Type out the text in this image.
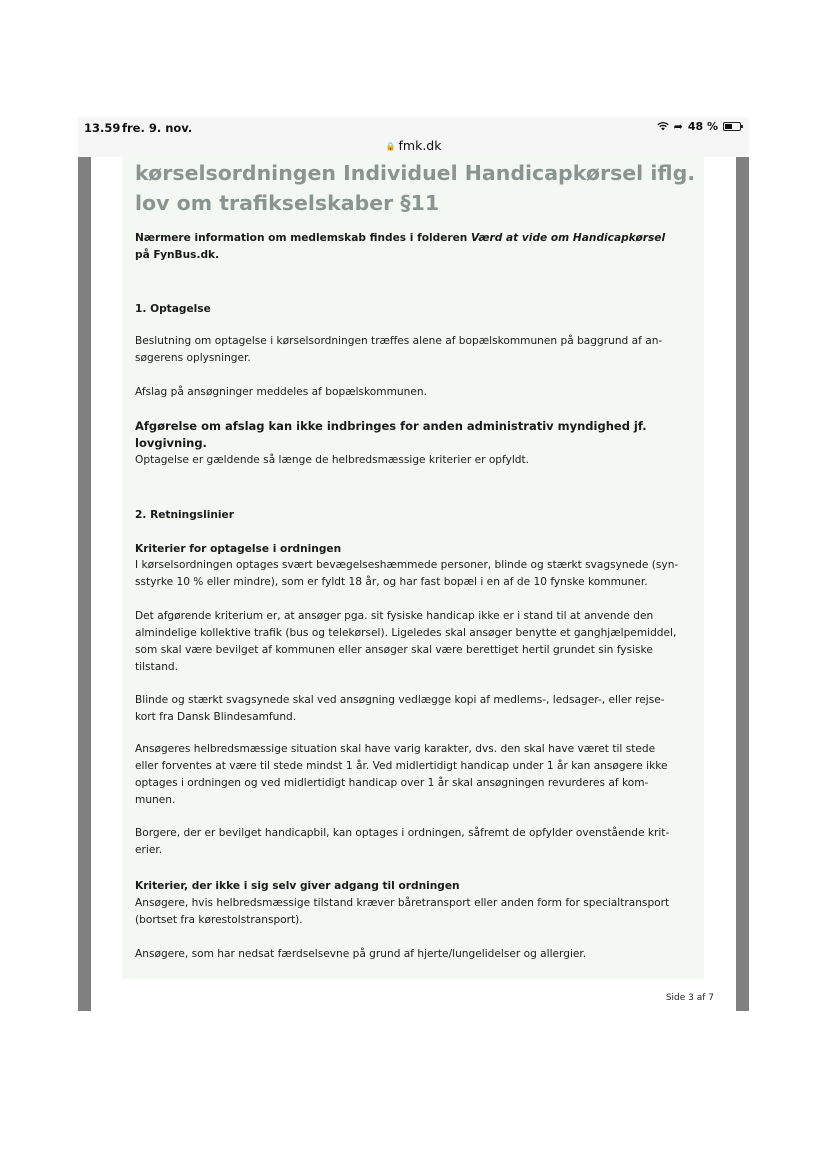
13.59 fre. 9. nov.
🔒 fmk.dk
➦ 48 %
kørselsordningen Individuel Handicapkørsel iflg.
lov om trafikselskaber §11

Nærmere information om medlemskab findes i folderen Værd at vide om Handicapkørsel
på FynBus.dk.

1. Optagelse

Beslutning om optagelse i kørselsordningen træffes alene af bopælskommunen på baggrund af an-
søgerens oplysninger.

Afslag på ansøgninger meddeles af bopælskommunen.

Afgørelse om afslag kan ikke indbringes for anden administrativ myndighed jf. lovgivning.

Optagelse er gældende så længe de helbredsmæssige kriterier er opfyldt.

2. Retningslinier

Kriterier for optagelse i ordningen

I kørselsordningen optages svært bevægelseshæmmede personer, blinde og stærkt svagsynede (syn-
sstyrke 10 % eller mindre), som er fyldt 18 år, og har fast bopæl i en af de 10 fynske kommuner.

Det afgørende kriterium er, at ansøger pga. sit fysiske handicap ikke er i stand til at anvende den
almindelige kollektive trafik (bus og telekørsel). Ligeledes skal ansøger benytte et ganghjælpemiddel,
som skal være bevilget af kommunen eller ansøger skal være berettiget hertil grundet sin fysiske
tilstand.

Blinde og stærkt svagsynede skal ved ansøgning vedlægge kopi af medlems-, ledsager-, eller rejse-
kort fra Dansk Blindesamfund.

Ansøgeres helbredsmæssige situation skal have varig karakter, dvs. den skal have været til stede
eller forventes at være til stede mindst 1 år. Ved midlertidigt handicap under 1 år kan ansøgere ikke
optages i ordningen og ved midlertidigt handicap over 1 år skal ansøgningen revurderes af kom-
munen.

Borgere, der er bevilget handicapbil, kan optages i ordningen, såfremt de opfylder ovenstående krit-
erier.

Kriterier, der ikke i sig selv giver adgang til ordningen

Ansøgere, hvis helbredsmæssige tilstand kræver båretransport eller anden form for specialtransport
(bortset fra kørestolstransport).

Ansøgere, som har nedsat færdselsevne på grund af hjerte/lungelidelser og allergier.

Side 3 af 7
